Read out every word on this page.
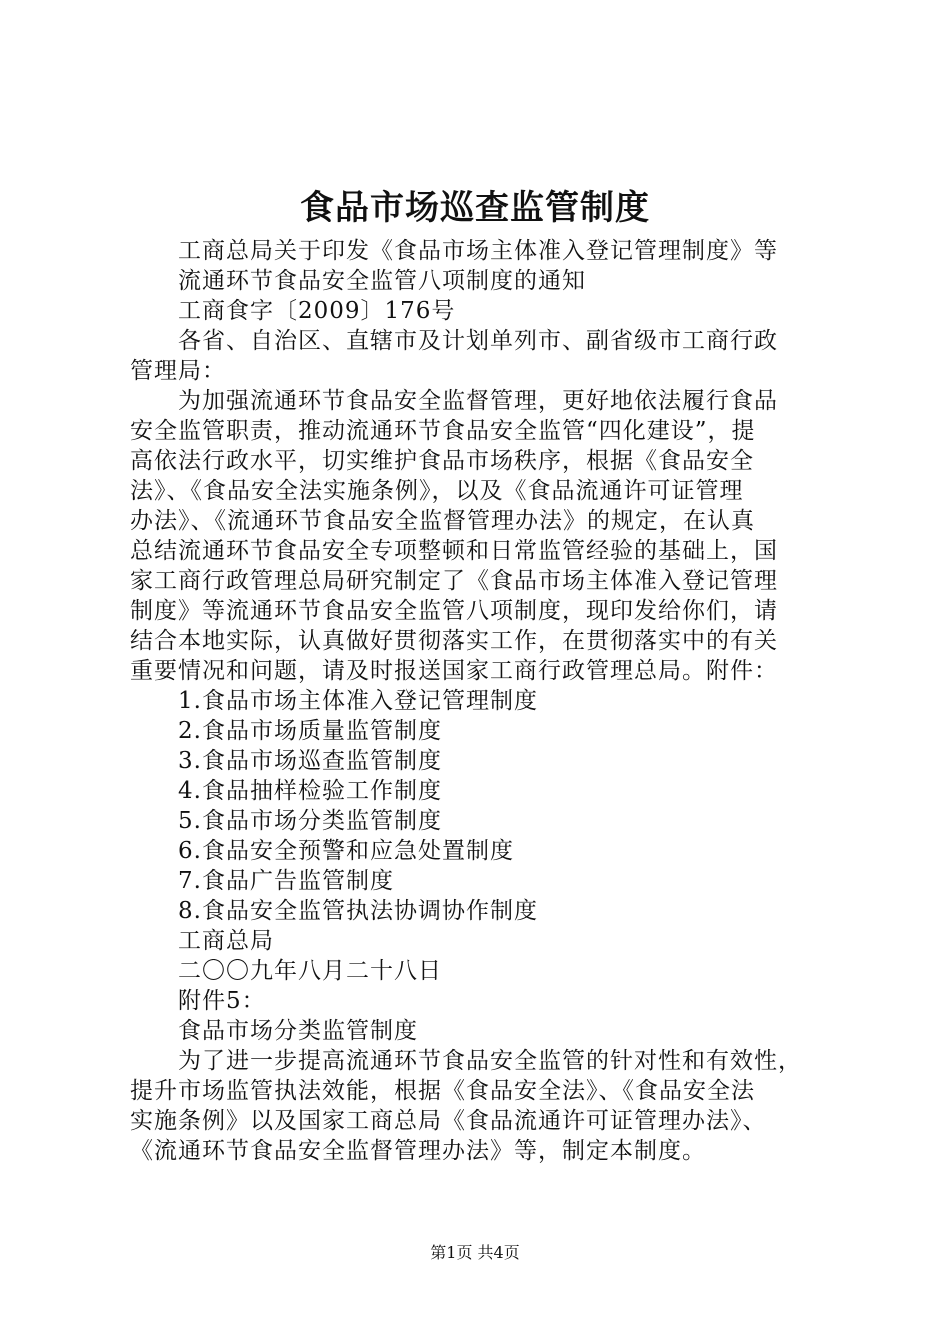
食品市场巡查监管制度

工商总局关于印发《食品市场主体准入登记管理制度》等

流通环节食品安全监管八项制度的通知

工商食字〔2009〕176号

各省、自治区、直辖市及计划单列市、副省级市工商行政

管理局：

为加强流通环节食品安全监督管理，更好地依法履行食品

安全监管职责，推动流通环节食品安全监管“四化建设”，提

高依法行政水平，切实维护食品市场秩序，根据《食品安全

法》、《食品安全法实施条例》，以及《食品流通许可证管理

办法》、《流通环节食品安全监督管理办法》的规定，在认真

总结流通环节食品安全专项整顿和日常监管经验的基础上，国

家工商行政管理总局研究制定了《食品市场主体准入登记管理

制度》等流通环节食品安全监管八项制度，现印发给你们，请

结合本地实际，认真做好贯彻落实工作，在贯彻落实中的有关

重要情况和问题，请及时报送国家工商行政管理总局。附件：

1.食品市场主体准入登记管理制度

2.食品市场质量监管制度

3.食品市场巡查监管制度

4.食品抽样检验工作制度

5.食品市场分类监管制度

6.食品安全预警和应急处置制度

7.食品广告监管制度

8.食品安全监管执法协调协作制度

工商总局

二〇〇九年八月二十八日

附件5：

食品市场分类监管制度

为了进一步提高流通环节食品安全监管的针对性和有效性，

提升市场监管执法效能，根据《食品安全法》、《食品安全法

实施条例》以及国家工商总局《食品流通许可证管理办法》、

《流通环节食品安全监督管理办法》等，制定本制度。

第1页 共4页
